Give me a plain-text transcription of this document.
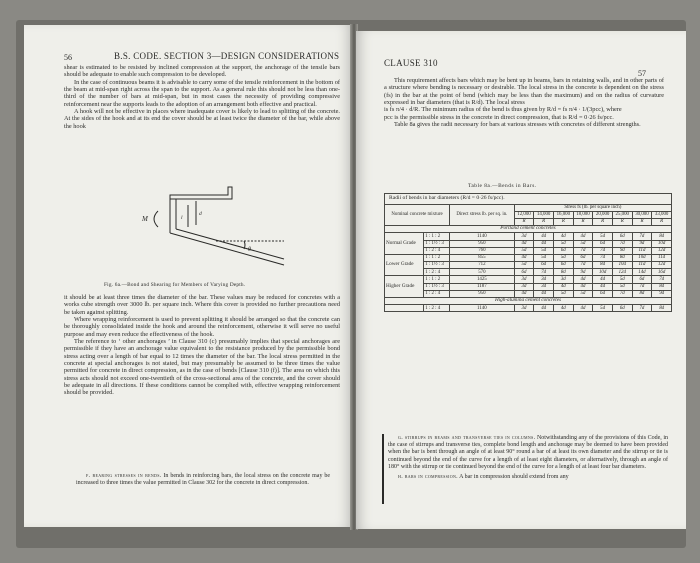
56	B.S. CODE. SECTION 3—DESIGN CONSIDERATIONS

shear is estimated to be resisted by inclined compression at the support, the anchorage of the tensile bars should be adequate to enable such compression to be developed.

In the case of continuous beams it is advisable to carry some of the tensile reinforcement in the bottom of the beam at mid-span right across the span to the support. As a general rule this should not be less than one-third of the number of bars at mid-span, but in most cases the necessity of providing compressive reinforcement near the supports leads to the adoption of an arrangement both effective and practical.

A hook will not be effective in places where inadequate cover is likely to lead to splitting of the concrete. At the sides of the hook and at its end the cover should be at least twice the diameter of the bar, while above the hook

M	l
d
θ
Fig. 6a.—Bond and Shearing for Members of Varying Depth.

it should be at least three times the diameter of the bar. These values may be reduced for concretes with a works cube strength over 3000 lb. per square inch. Where this cover is provided no further precautions need be taken against splitting.

Where wrapping reinforcement is used to prevent splitting it should be arranged so that the concrete can be thoroughly consolidated inside the hook and around the reinforcement, otherwise it will serve no useful purpose and may even reduce the effectiveness of the hook.

The reference to ‘ other anchorages ’ in Clause 310 (c) presumably implies that special anchorages are permissible if they have an anchorage value equivalent to the resistance produced by the permissible bond stress acting over a length of bar equal to 12 times the diameter of the bar. The local stress permitted in the concrete at special anchorages is not stated, but may presumably be assumed to be three times the value permitted for concrete in direct compression, as in the case of bends [Clause 310 (f)]. The area on which this stress acts should not exceed one-twentieth of the cross-sectional area of the concrete, and the cover should be adequate in all directions. If these conditions cannot be complied with, effective wrapping reinforcement should be provided.

f. bearing stresses in bends. In bends in reinforcing bars, the local stress on the concrete may be increased to three times the value permitted in Clause 302 for the concrete in direct compression.

CLAUSE 310
57

This requirement affects bars which may be bent up in beams, bars in retaining walls, and in other parts of a structure where bending is necessary or desirable. The local stress in the concrete is dependent on the stress (fs) in the bar at the point of bend (which may be less than the maximum) and on the radius of curvature expressed in bar diameters (that is R/d). The local stress

is fs π/4 · d/R. The minimum radius of the bend is thus given by R/d = fs π/4 · 1/(3pcc), where

pcc is the permissible stress in the concrete in direct compression, that is R/d = 0·26 fs/pcc.

Table 8a gives the radii necessary for bars at various stresses with concretes of different strengths.

Table 8a.—Bends in Bars.
Radii of bends in bar diameters (R/d = 0·26 fs/pcc).										
Nominal concrete mixture		Direct stress lb. per sq. in.	Stress fs (lb. per square inch)							
			12,000	14,000	16,000	18,000	20,000	25,000	30,000	33,000
			R	R	R	R	R	R	R	R
Portland cement concretes										
Normal Grade	1 : 1 : 2	1140	3d	4d	4d	4d	5d	6d	7d	8d
	1 : 1½ : 3	950	4d	4d	5d	5d	6d	7d	9d	10d
	1 : 2 : 4	760	5d	5d	6d	7d	7d	9d	11d	12d
Lower Grade	1 : 1 : 2	855	4d	5d	5d	6d	7d	8d	10d	11d
	1 : 1½ : 3	712	5d	6d	6d	7d	8d	10d	11d	12d
	1 : 2 : 4	570	6d	7d	8d	9d	10d	12d	14d	16d
Higher Grade	1 : 1 : 2	1425	3d	3d	3d	4d	4d	5d	6d	7d
	1 : 1½ : 3	1187	3d	3d	4d	4d	4d	5d	7d	8d
	1 : 2 : 4	950	4d	4d	5d	5d	6d	7d	8d	9d
High-alumina cement concretes										
	1 : 2 : 4	1140	3d	4d	4d	4d	5d	6d	7d	8d

g. stirrups in beams and transverse ties in columns. Notwithstanding any of the provisions of this Code, in the case of stirrups and transverse ties, complete bond length and anchorage may be deemed to have been provided when the bar is bent through an angle of at least 90° round a bar of at least its own diameter and the stirrup or tie is continued beyond the end of the curve for a length of at least eight diameters, or alternatively, through an angle of 180° with the stirrup or tie continued beyond the end of the curve for a length of at least four bar diameters.

h. bars in compression. A bar in compression should extend from any
